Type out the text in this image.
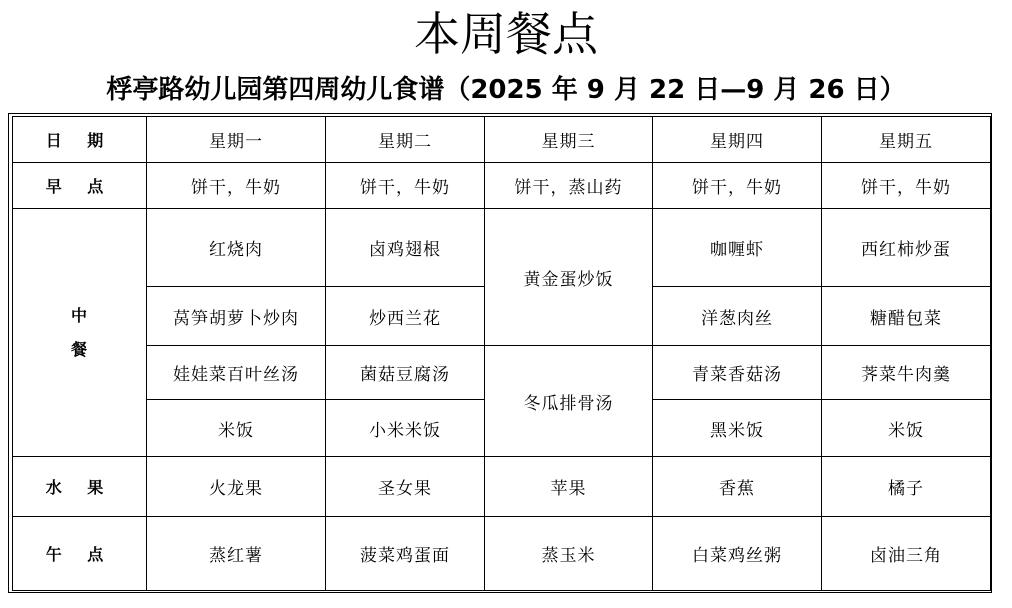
本周餐点
桴亭路幼儿园第四周幼儿食谱（2025 年 9 月 22 日—9 月 26 日）
日 期	星期一	星期二	星期三	星期四	星期五
早 点	饼干，牛奶	饼干，牛奶	饼干，蒸山药	饼干，牛奶	饼干，牛奶

中
餐	红烧肉	卤鸡翅根	黄金蛋炒饭	咖喱虾	西红柿炒蛋
	莴笋胡萝卜炒肉	炒西兰花		洋葱肉丝	糖醋包菜
	娃娃菜百叶丝汤	菌菇豆腐汤	冬瓜排骨汤	青菜香菇汤	荠菜牛肉羹
	米饭	小米米饭		黑米饭	米饭
水 果	火龙果	圣女果	苹果	香蕉	橘子
午 点	蒸红薯	菠菜鸡蛋面	蒸玉米	白菜鸡丝粥	卤油三角
